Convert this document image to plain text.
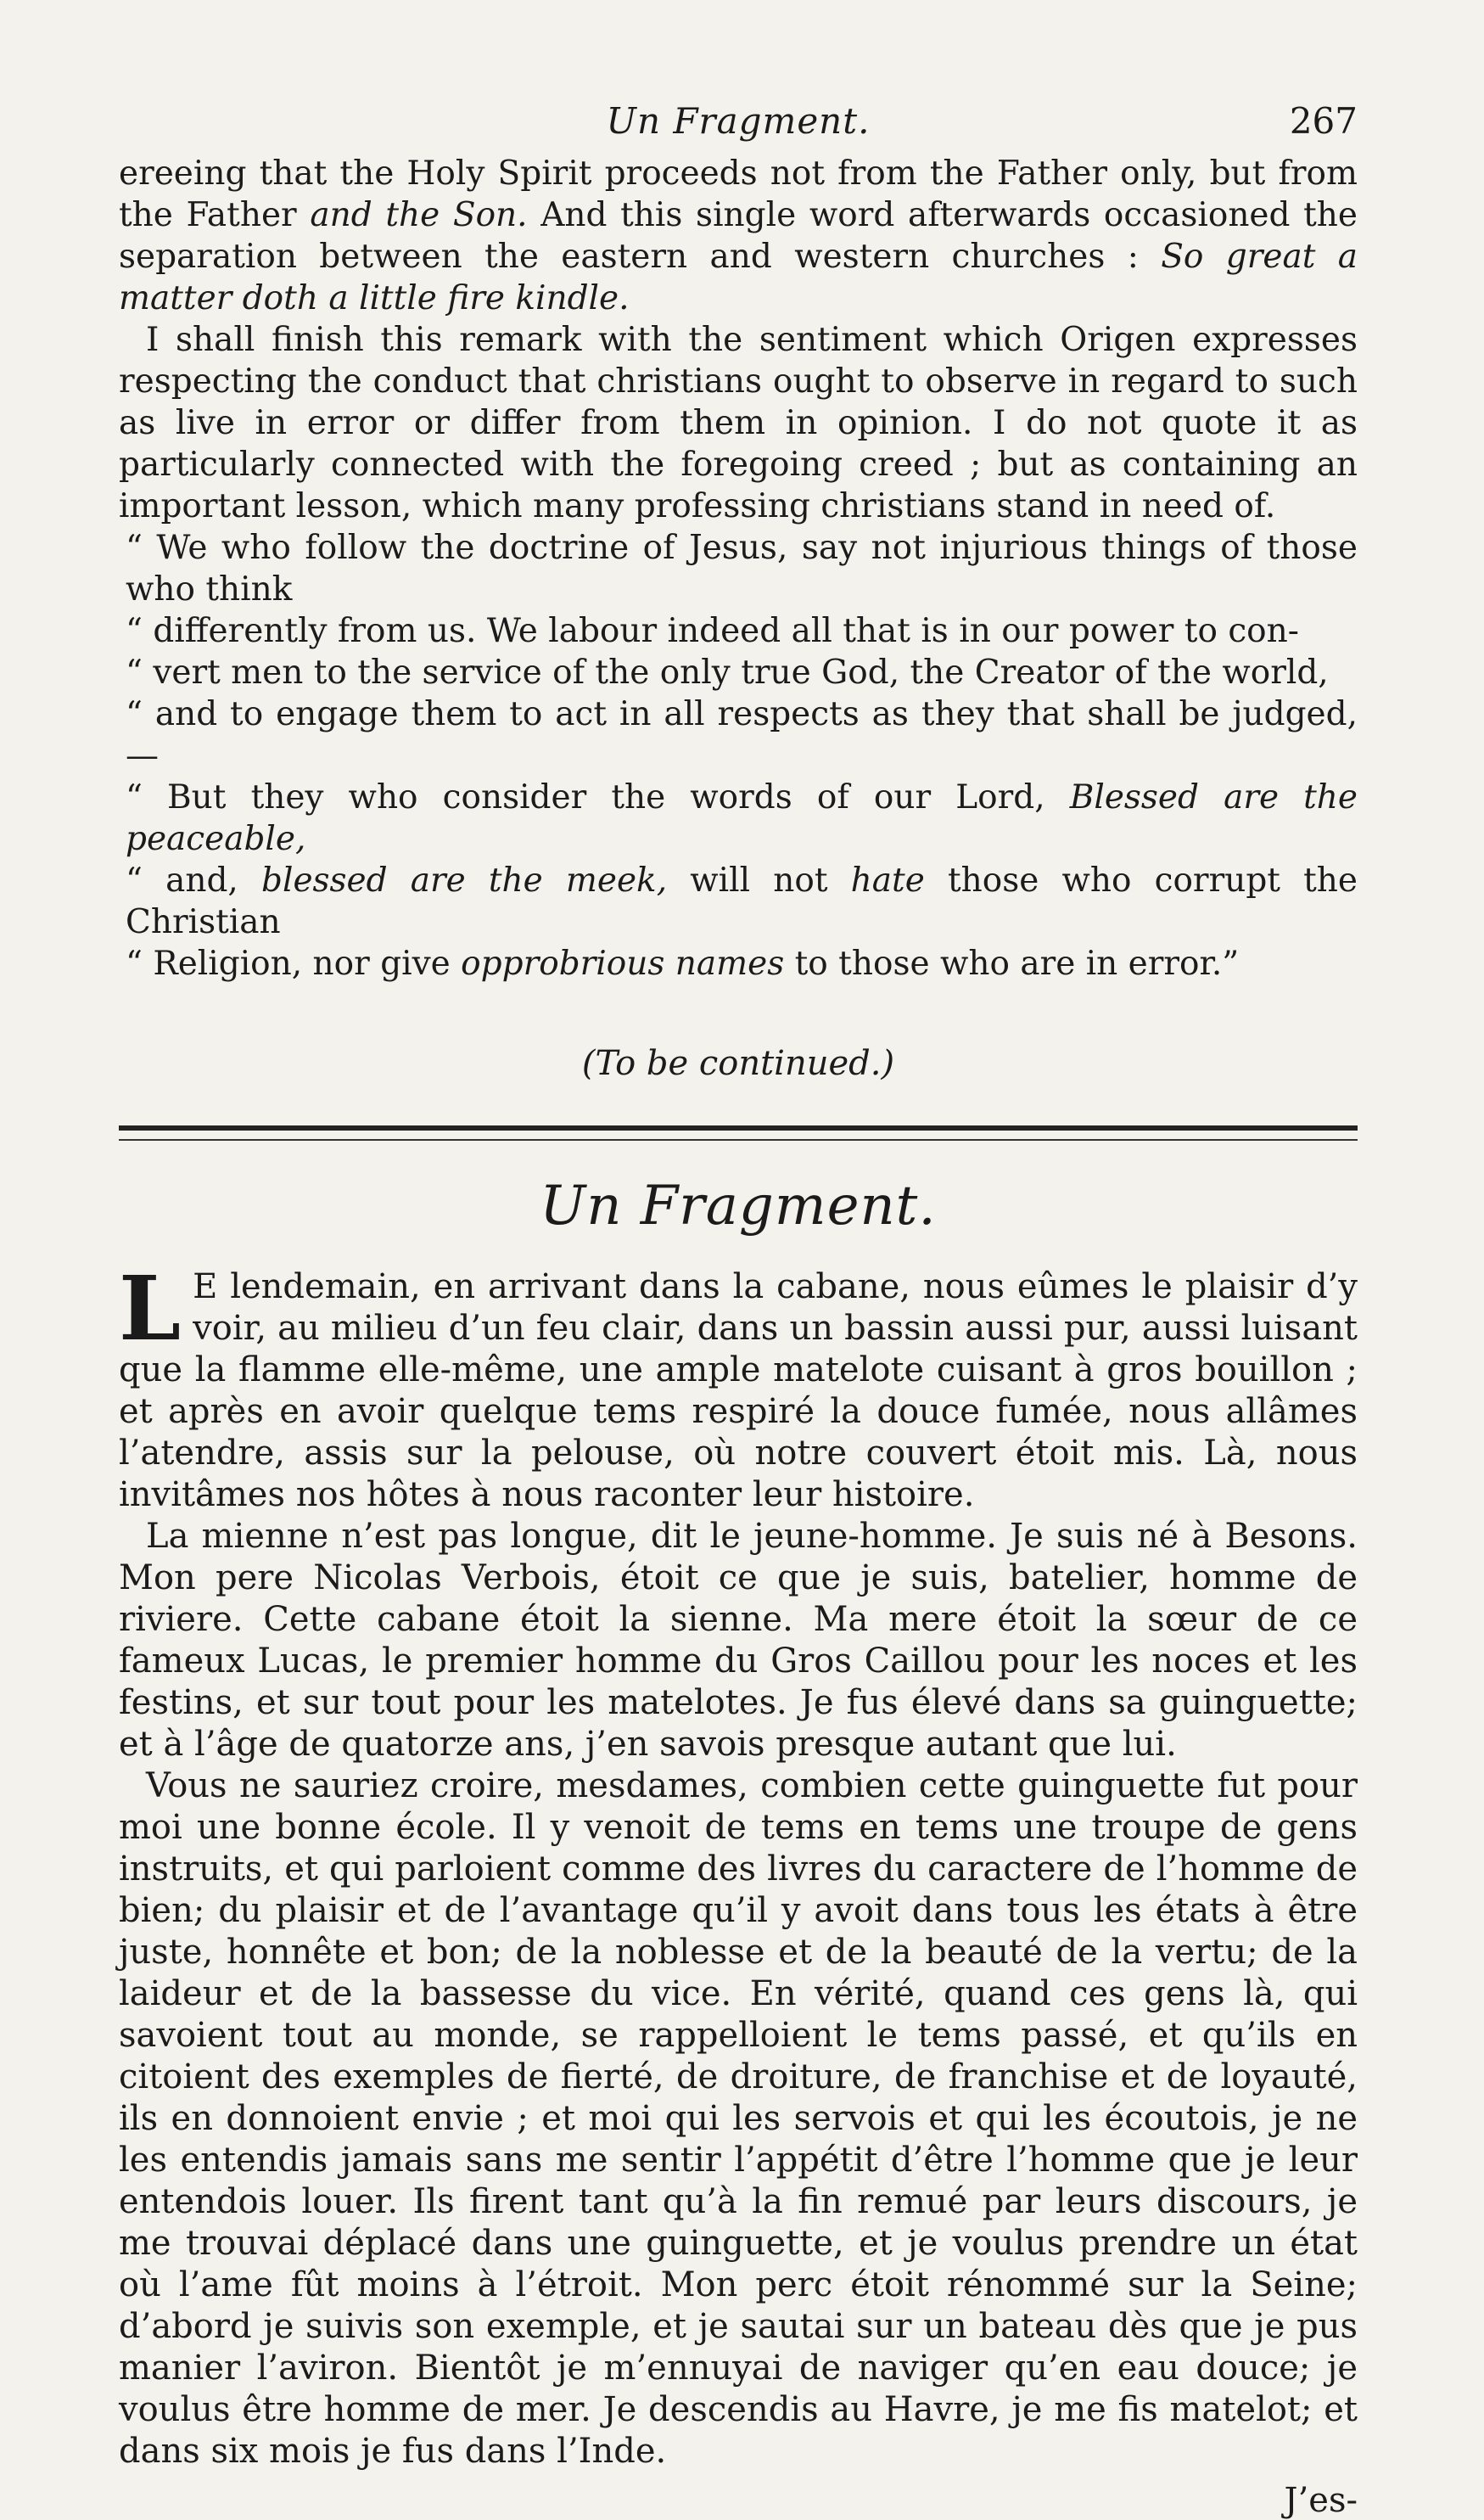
Un Fragment.	267

ereeing that the Holy Spirit proceeds not from the Father only, but from the Father and the Son. And this single word afterwards occasioned the separation between the eastern and western churches : So great a matter doth a little fire kindle.

I shall finish this remark with the sentiment which Origen expresses respecting the conduct that christians ought to observe in regard to such as live in error or differ from them in opinion. I do not quote it as particularly connected with the foregoing creed ; but as containing an important lesson, which many professing christians stand in need of.

“ We who follow the doctrine of Jesus, say not injurious things of those who think

“ differently from us. We labour indeed all that is in our power to con-

“ vert men to the service of the only true God, the Creator of the world,

“ and to engage them to act in all respects as they that shall be judged,—

“ But they who consider the words of our Lord, Blessed are the peaceable,

“ and, blessed are the meek, will not hate those who corrupt the Christian

“ Religion, nor give opprobrious names to those who are in error.”

(To be continued.)
Un Fragment.

L E lendemain, en arrivant dans la cabane, nous eûmes le plaisir d’y voir, au milieu d’un feu clair, dans un bassin aussi pur, aussi luisant que la flamme elle-même, une ample matelote cuisant à gros bouillon ; et après en avoir quelque tems respiré la douce fumée, nous allâmes l’atendre, assis sur la pelouse, où notre couvert étoit mis. Là, nous invitâmes nos hôtes à nous raconter leur histoire.

La mienne n’est pas longue, dit le jeune-homme. Je suis né à Besons. Mon pere Nicolas Verbois, étoit ce que je suis, batelier, homme de riviere. Cette cabane étoit la sienne. Ma mere étoit la sœur de ce fameux Lucas, le premier homme du Gros Caillou pour les noces et les festins, et sur tout pour les matelotes. Je fus élevé dans sa guinguette; et à l’âge de quatorze ans, j’en savois presque autant que lui.

Vous ne sauriez croire, mesdames, combien cette guinguette fut pour moi une bonne école. Il y venoit de tems en tems une troupe de gens instruits, et qui parloient comme des livres du caractere de l’homme de bien; du plaisir et de l’avantage qu’il y avoit dans tous les états à être juste, honnête et bon; de la noblesse et de la beauté de la vertu; de la laideur et de la bassesse du vice. En vérité, quand ces gens là, qui savoient tout au monde, se rappelloient le tems passé, et qu’ils en citoient des exemples de fierté, de droiture, de franchise et de loyauté, ils en donnoient envie ; et moi qui les servois et qui les écoutois, je ne les entendis jamais sans me sentir l’appétit d’être l’homme que je leur entendois louer. Ils firent tant qu’à la fin remué par leurs discours, je me trouvai déplacé dans une guinguette, et je voulus prendre un état où l’ame fût moins à l’étroit. Mon perc étoit rénommé sur la Seine; d’abord je suivis son exemple, et je sautai sur un bateau dès que je pus manier l’aviron. Bientôt je m’ennuyai de naviger qu’en eau douce; je voulus être homme de mer. Je descendis au Havre, je me fis matelot; et dans six mois je fus dans l’Inde.

J’es-
